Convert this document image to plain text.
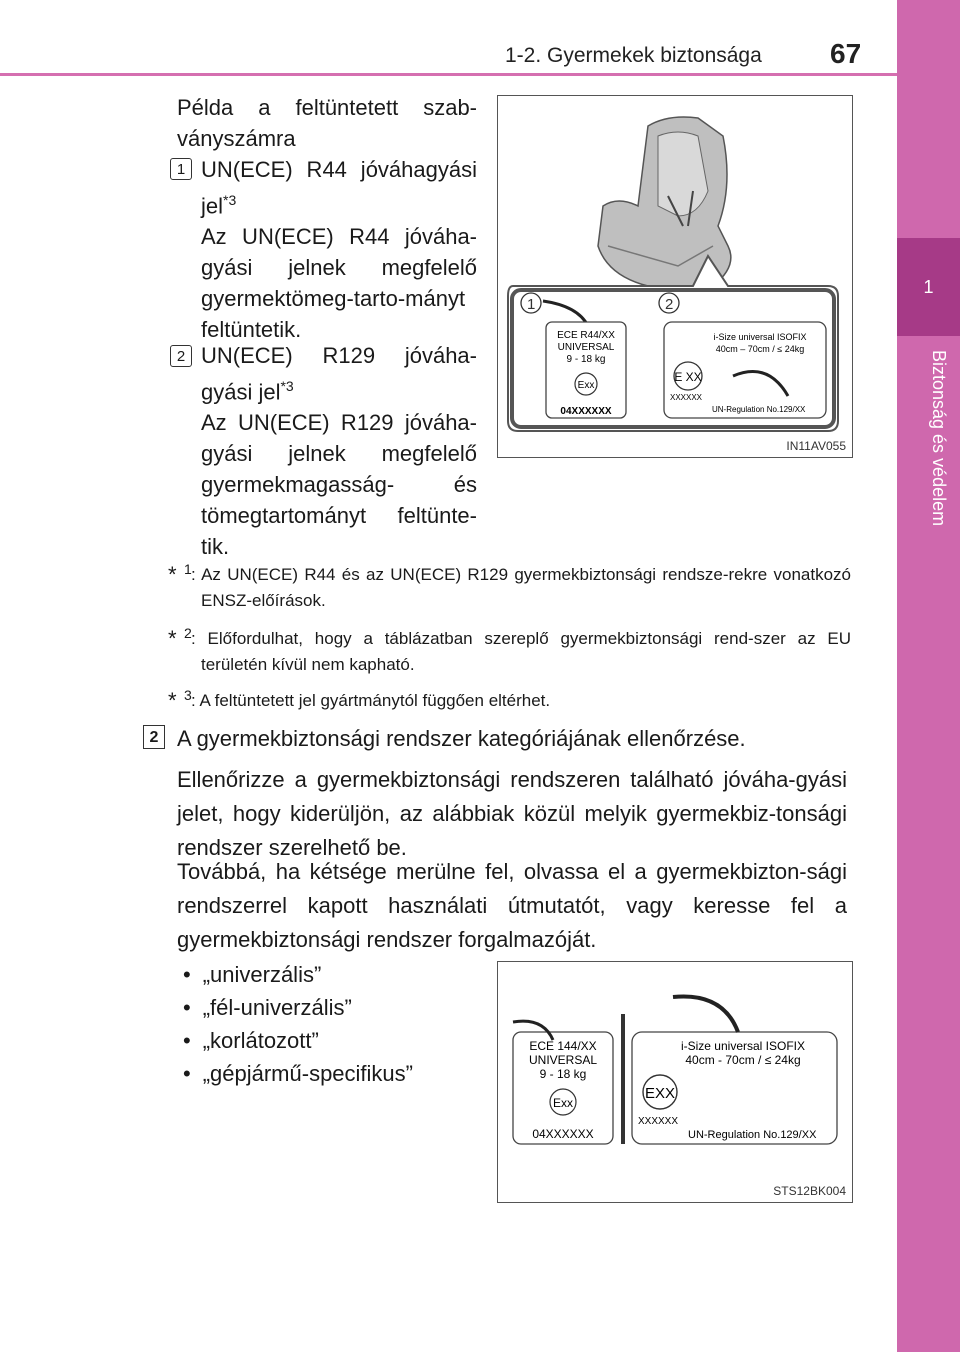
1-2. Gyermekek biztonsága 67
1
Biztonság és védelem
Példa a feltüntetett szab-
ványszámra
1 UN(ECE) R44 jóváhagyási
jel$^{*3}$
Az UN(ECE) R44 jóváha-gyási jelnek megfelelő gyermektömeg-tarto-mányt feltüntetik.
2 UN(ECE) R129 jóváha-
gyási jel$^{*3}$
Az UN(ECE) R129 jóváha-gyási jelnek megfelelő gyermekmagasság- és tömegtartományt feltünte-tik.
1	2
ECE R44/XX
UNIVERSAL
9 - 18 kg
Exx
04XXXXXX
i-Size universal ISOFIX
40cm – 70cm / ≤ 24kg
E XX
XXXXXX
UN-Regulation No.129/XX
IN11AV055
* 1 : Az UN(ECE) R44 és az UN(ECE) R129 gyermekbiztonsági rendsze-rekre vonatkozó ENSZ-előírások.
* 2 : Előfordulhat, hogy a táblázatban szereplő gyermekbiztonsági rend-szer az EU területén kívül nem kapható.
* 3 : A feltüntetett jel gyártmánytól függően eltérhet.
2 A gyermekbiztonsági rendszer kategóriájának ellenőrzése.
Ellenőrizze a gyermekbiztonsági rendszeren található jóváha-gyási jelet, hogy kiderüljön, az alábbiak közül melyik gyermekbiz-tonsági rendszer szerelhető be.
Továbbá, ha kétsége merülne fel, olvassa el a gyermekbizton-sági rendszerrel kapott használati útmutatót, vagy keresse fel a gyermekbiztonsági rendszer forgalmazóját.
• „univerzális”
• „fél-univerzális”
• „korlátozott”
• „gépjármű-specifikus”
ECE 144/XX
UNIVERSAL
9 - 18 kg
Exx
04XXXXXX
i-Size universal ISOFIX
40cm - 70cm / ≤ 24kg
EXX
XXXXXX
UN-Regulation No.129/XX
STS12BK004
